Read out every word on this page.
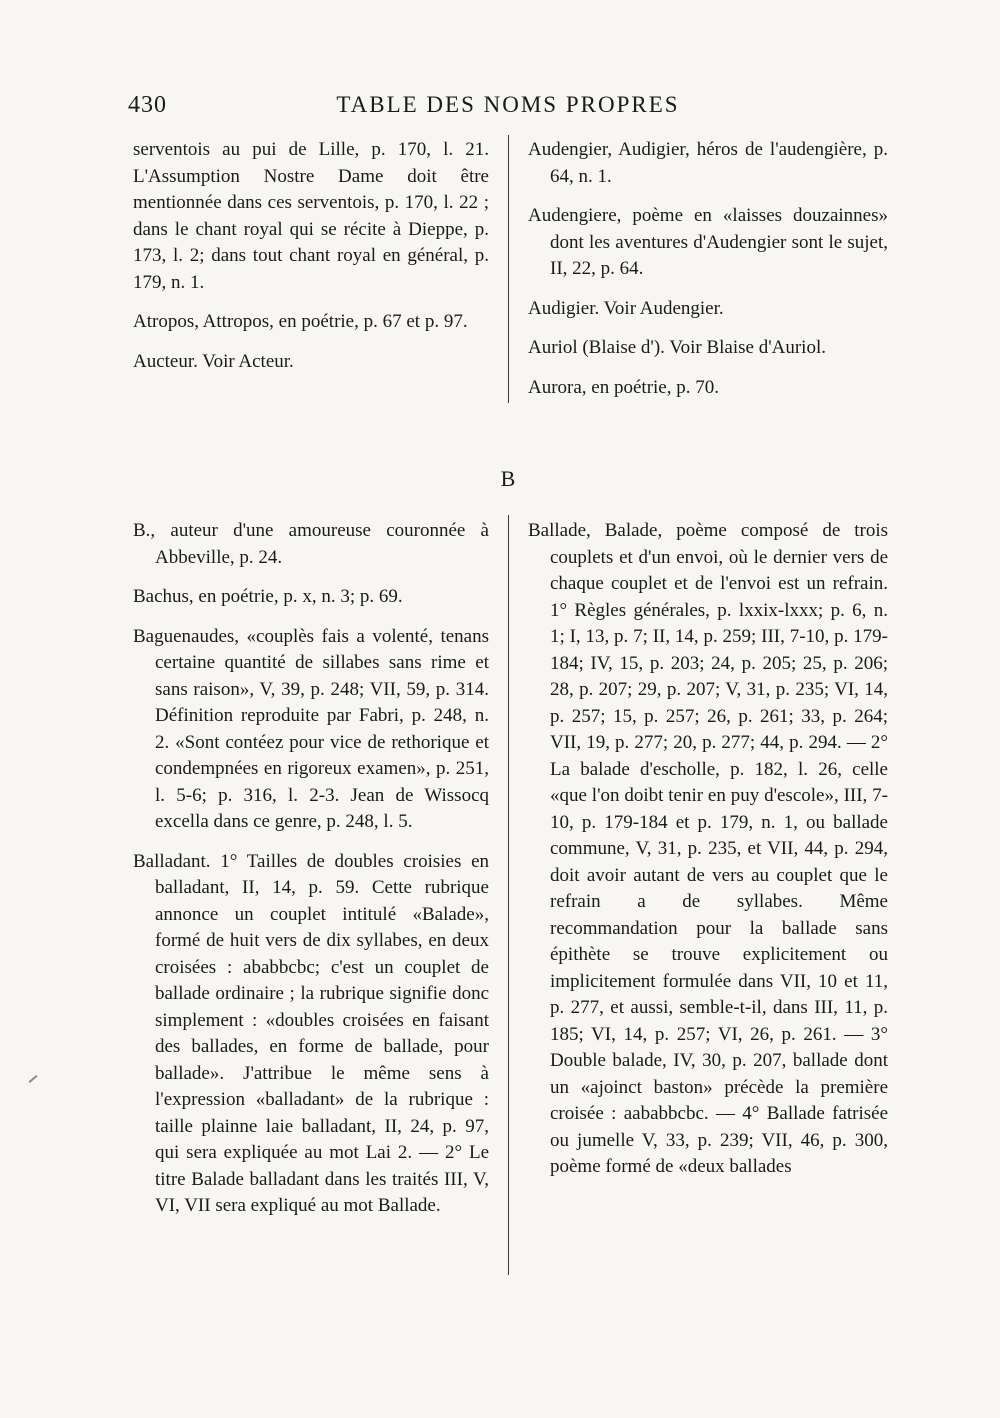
430	TABLE DES NOMS PROPRES

serventois au pui de Lille, p. 170, l. 21. L'Assumption Nostre Dame doit être mentionnée dans ces serventois, p. 170, l. 22 ; dans le chant royal qui se récite à Dieppe, p. 173, l. 2; dans tout chant royal en général, p. 179, n. 1.

Atropos, Attropos, en poétrie, p. 67 et p. 97.

Aucteur. Voir Acteur.

Audengier, Audigier, héros de l'audengière, p. 64, n. 1.

Audengiere, poème en «laisses douzainnes» dont les aventures d'Audengier sont le sujet, II, 22, p. 64.

Audigier. Voir Audengier.

Auriol (Blaise d'). Voir Blaise d'Auriol.

Aurora, en poétrie, p. 70.

B

B., auteur d'une amoureuse couronnée à Abbeville, p. 24.

Bachus, en poétrie, p. x, n. 3; p. 69.

Baguenaudes, «couplès fais a volenté, tenans certaine quantité de sillabes sans rime et sans raison», V, 39, p. 248; VII, 59, p. 314. Définition reproduite par Fabri, p. 248, n. 2. «Sont contéez pour vice de rethorique et condempnées en rigoreux examen», p. 251, l. 5-6; p. 316, l. 2-3. Jean de Wissocq excella dans ce genre, p. 248, l. 5.

Balladant. 1° Tailles de doubles croisies en balladant, II, 14, p. 59. Cette rubrique annonce un couplet intitulé «Balade», formé de huit vers de dix syllabes, en deux croisées : ababbcbc; c'est un couplet de ballade ordinaire ; la rubrique signifie donc simplement : «doubles croisées en faisant des ballades, en forme de ballade, pour ballade». J'attribue le même sens à l'expression «balladant» de la rubrique : taille plainne laie balladant, II, 24, p. 97, qui sera expliquée au mot Lai 2. — 2° Le titre Balade balladant dans les traités III, V, VI, VII sera expliqué au mot Ballade.

Ballade, Balade, poème composé de trois couplets et d'un envoi, où le dernier vers de chaque couplet et de l'envoi est un refrain. 1° Règles générales, p. lxxix-lxxx; p. 6, n. 1; I, 13, p. 7; II, 14, p. 259; III, 7-10, p. 179-184; IV, 15, p. 203; 24, p. 205; 25, p. 206; 28, p. 207; 29, p. 207; V, 31, p. 235; VI, 14, p. 257; 15, p. 257; 26, p. 261; 33, p. 264; VII, 19, p. 277; 20, p. 277; 44, p. 294. — 2° La balade d'escholle, p. 182, l. 26, celle «que l'on doibt tenir en puy d'escole», III, 7-10, p. 179-184 et p. 179, n. 1, ou ballade commune, V, 31, p. 235, et VII, 44, p. 294, doit avoir autant de vers au couplet que le refrain a de syllabes. Même recommandation pour la ballade sans épithète se trouve explicitement ou implicitement formulée dans VII, 10 et 11, p. 277, et aussi, semble-t-il, dans III, 11, p. 185; VI, 14, p. 257; VI, 26, p. 261. — 3° Double balade, IV, 30, p. 207, ballade dont un «ajoinct baston» précède la première croisée : aababbcbc. — 4° Ballade fatrisée ou jumelle V, 33, p. 239; VII, 46, p. 300, poème formé de «deux ballades
